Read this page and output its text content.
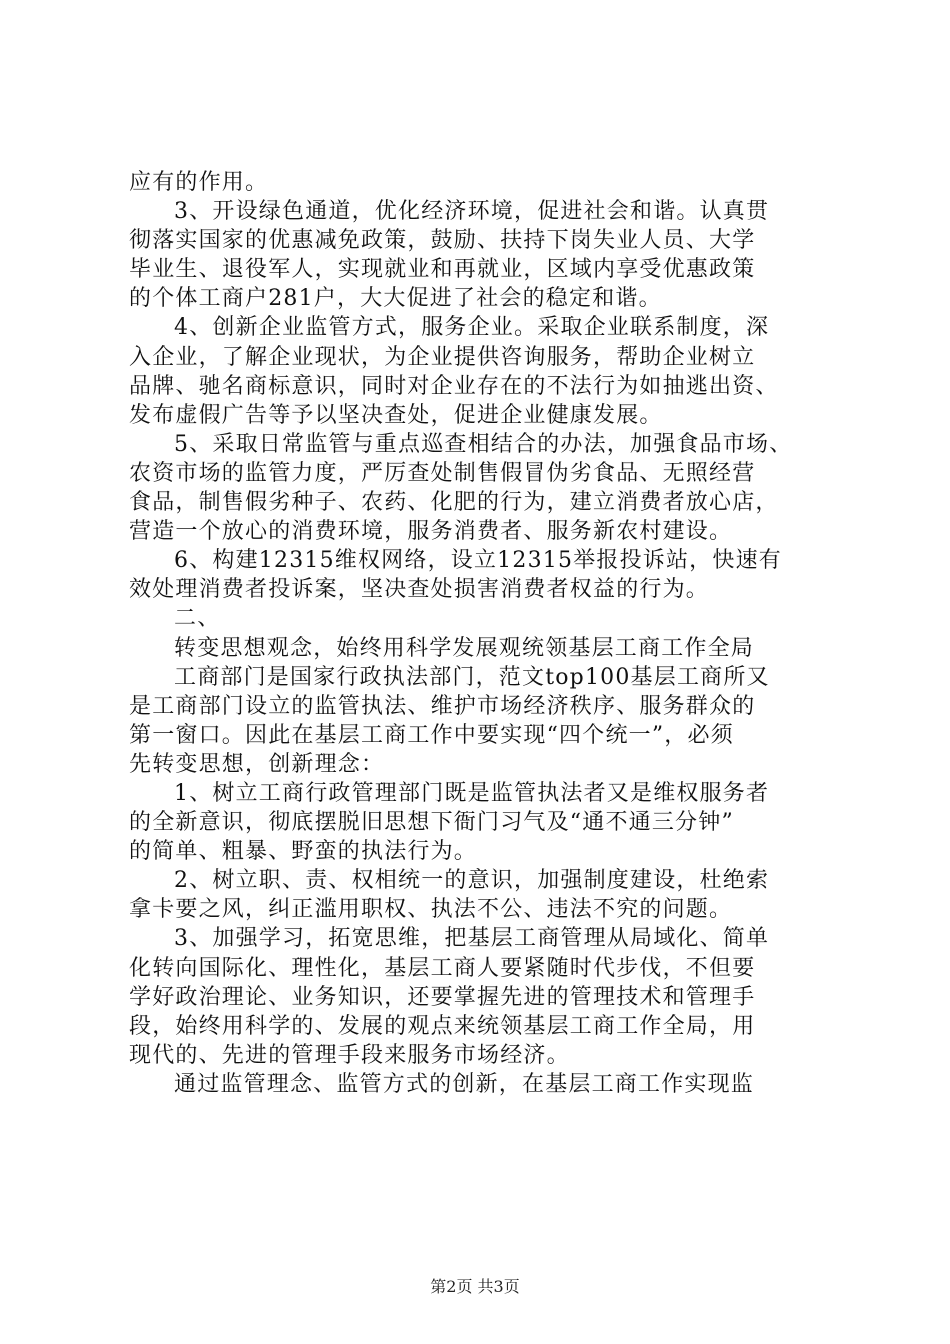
应有的作用。
3、开设绿色通道，优化经济环境，促进社会和谐。认真贯
彻落实国家的优惠减免政策，鼓励、扶持下岗失业人员、大学
毕业生、退役军人，实现就业和再就业，区域内享受优惠政策
的个体工商户281户，大大促进了社会的稳定和谐。
4、创新企业监管方式，服务企业。采取企业联系制度，深
入企业，了解企业现状，为企业提供咨询服务，帮助企业树立
品牌、驰名商标意识，同时对企业存在的不法行为如抽逃出资、
发布虚假广告等予以坚决查处，促进企业健康发展。
5、采取日常监管与重点巡查相结合的办法，加强食品市场、
农资市场的监管力度，严厉查处制售假冒伪劣食品、无照经营
食品，制售假劣种子、农药、化肥的行为，建立消费者放心店，
营造一个放心的消费环境，服务消费者、服务新农村建设。
6、构建12315维权网络，设立12315举报投诉站，快速有
效处理消费者投诉案，坚决查处损害消费者权益的行为。
二、
转变思想观念，始终用科学发展观统领基层工商工作全局
工商部门是国家行政执法部门，范文top100基层工商所又
是工商部门设立的监管执法、维护市场经济秩序、服务群众的
第一窗口。因此在基层工商工作中要实现“四个统一”，必须
先转变思想，创新理念：
1、树立工商行政管理部门既是监管执法者又是维权服务者
的全新意识，彻底摆脱旧思想下衙门习气及“通不通三分钟”
的简单、粗暴、野蛮的执法行为。
2、树立职、责、权相统一的意识，加强制度建设，杜绝索
拿卡要之风，纠正滥用职权、执法不公、违法不究的问题。
3、加强学习，拓宽思维，把基层工商管理从局域化、简单
化转向国际化、理性化，基层工商人要紧随时代步伐，不但要
学好政治理论、业务知识，还要掌握先进的管理技术和管理手
段，始终用科学的、发展的观点来统领基层工商工作全局，用
现代的、先进的管理手段来服务市场经济。
通过监管理念、监管方式的创新，在基层工商工作实现监
第2页 共3页
